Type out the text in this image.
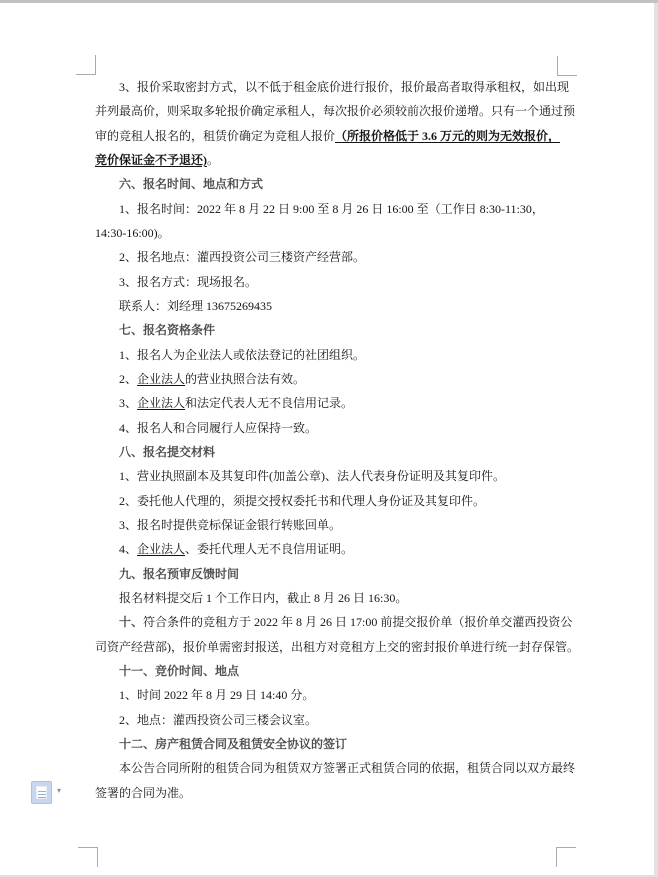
3、报价采取密封方式，以不低于租金底价进行报价，报价最高者取得承租权，如出现
并列最高价，则采取多轮报价确定承租人，每次报价必须较前次报价递增。只有一个通过预
审的竞租人报名的，租赁价确定为竞租人报价（所报价格低于 3.6 万元的则为无效报价，
竞价保证金不予退还)。
六、报名时间、地点和方式
1、报名时间：2022 年 8 月 22 日 9:00 至 8 月 26 日 16:00 至（工作日 8:30-11:30，
14:30-16:00)。
2、报名地点：灌西投资公司三楼资产经营部。
3、报名方式：现场报名。
联系人：刘经理 13675269435
七、报名资格条件
1、报名人为企业法人或依法登记的社团组织。
2、企业法人的营业执照合法有效。
3、企业法人和法定代表人无不良信用记录。
4、报名人和合同履行人应保持一致。
八、报名提交材料
1、营业执照副本及其复印件(加盖公章)、法人代表身份证明及其复印件。
2、委托他人代理的，须提交授权委托书和代理人身份证及其复印件。
3、报名时提供竞标保证金银行转账回单。
4、企业法人、委托代理人无不良信用证明。
九、报名预审反馈时间
报名材料提交后 1 个工作日内，截止 8 月 26 日 16:30。
十、符合条件的竞租方于 2022 年 8 月 26 日 17:00 前提交报价单（报价单交灌西投资公
司资产经营部)，报价单需密封报送，出租方对竞租方上交的密封报价单进行统一封存保管。
十一、竞价时间、地点
1、时间 2022 年 8 月 29 日 14:40 分。
2、地点：灌西投资公司三楼会议室。
十二、房产租赁合同及租赁安全协议的签订
本公告合同所附的租赁合同为租赁双方签署正式租赁合同的依据，租赁合同以双方最终
签署的合同为准。
▾
